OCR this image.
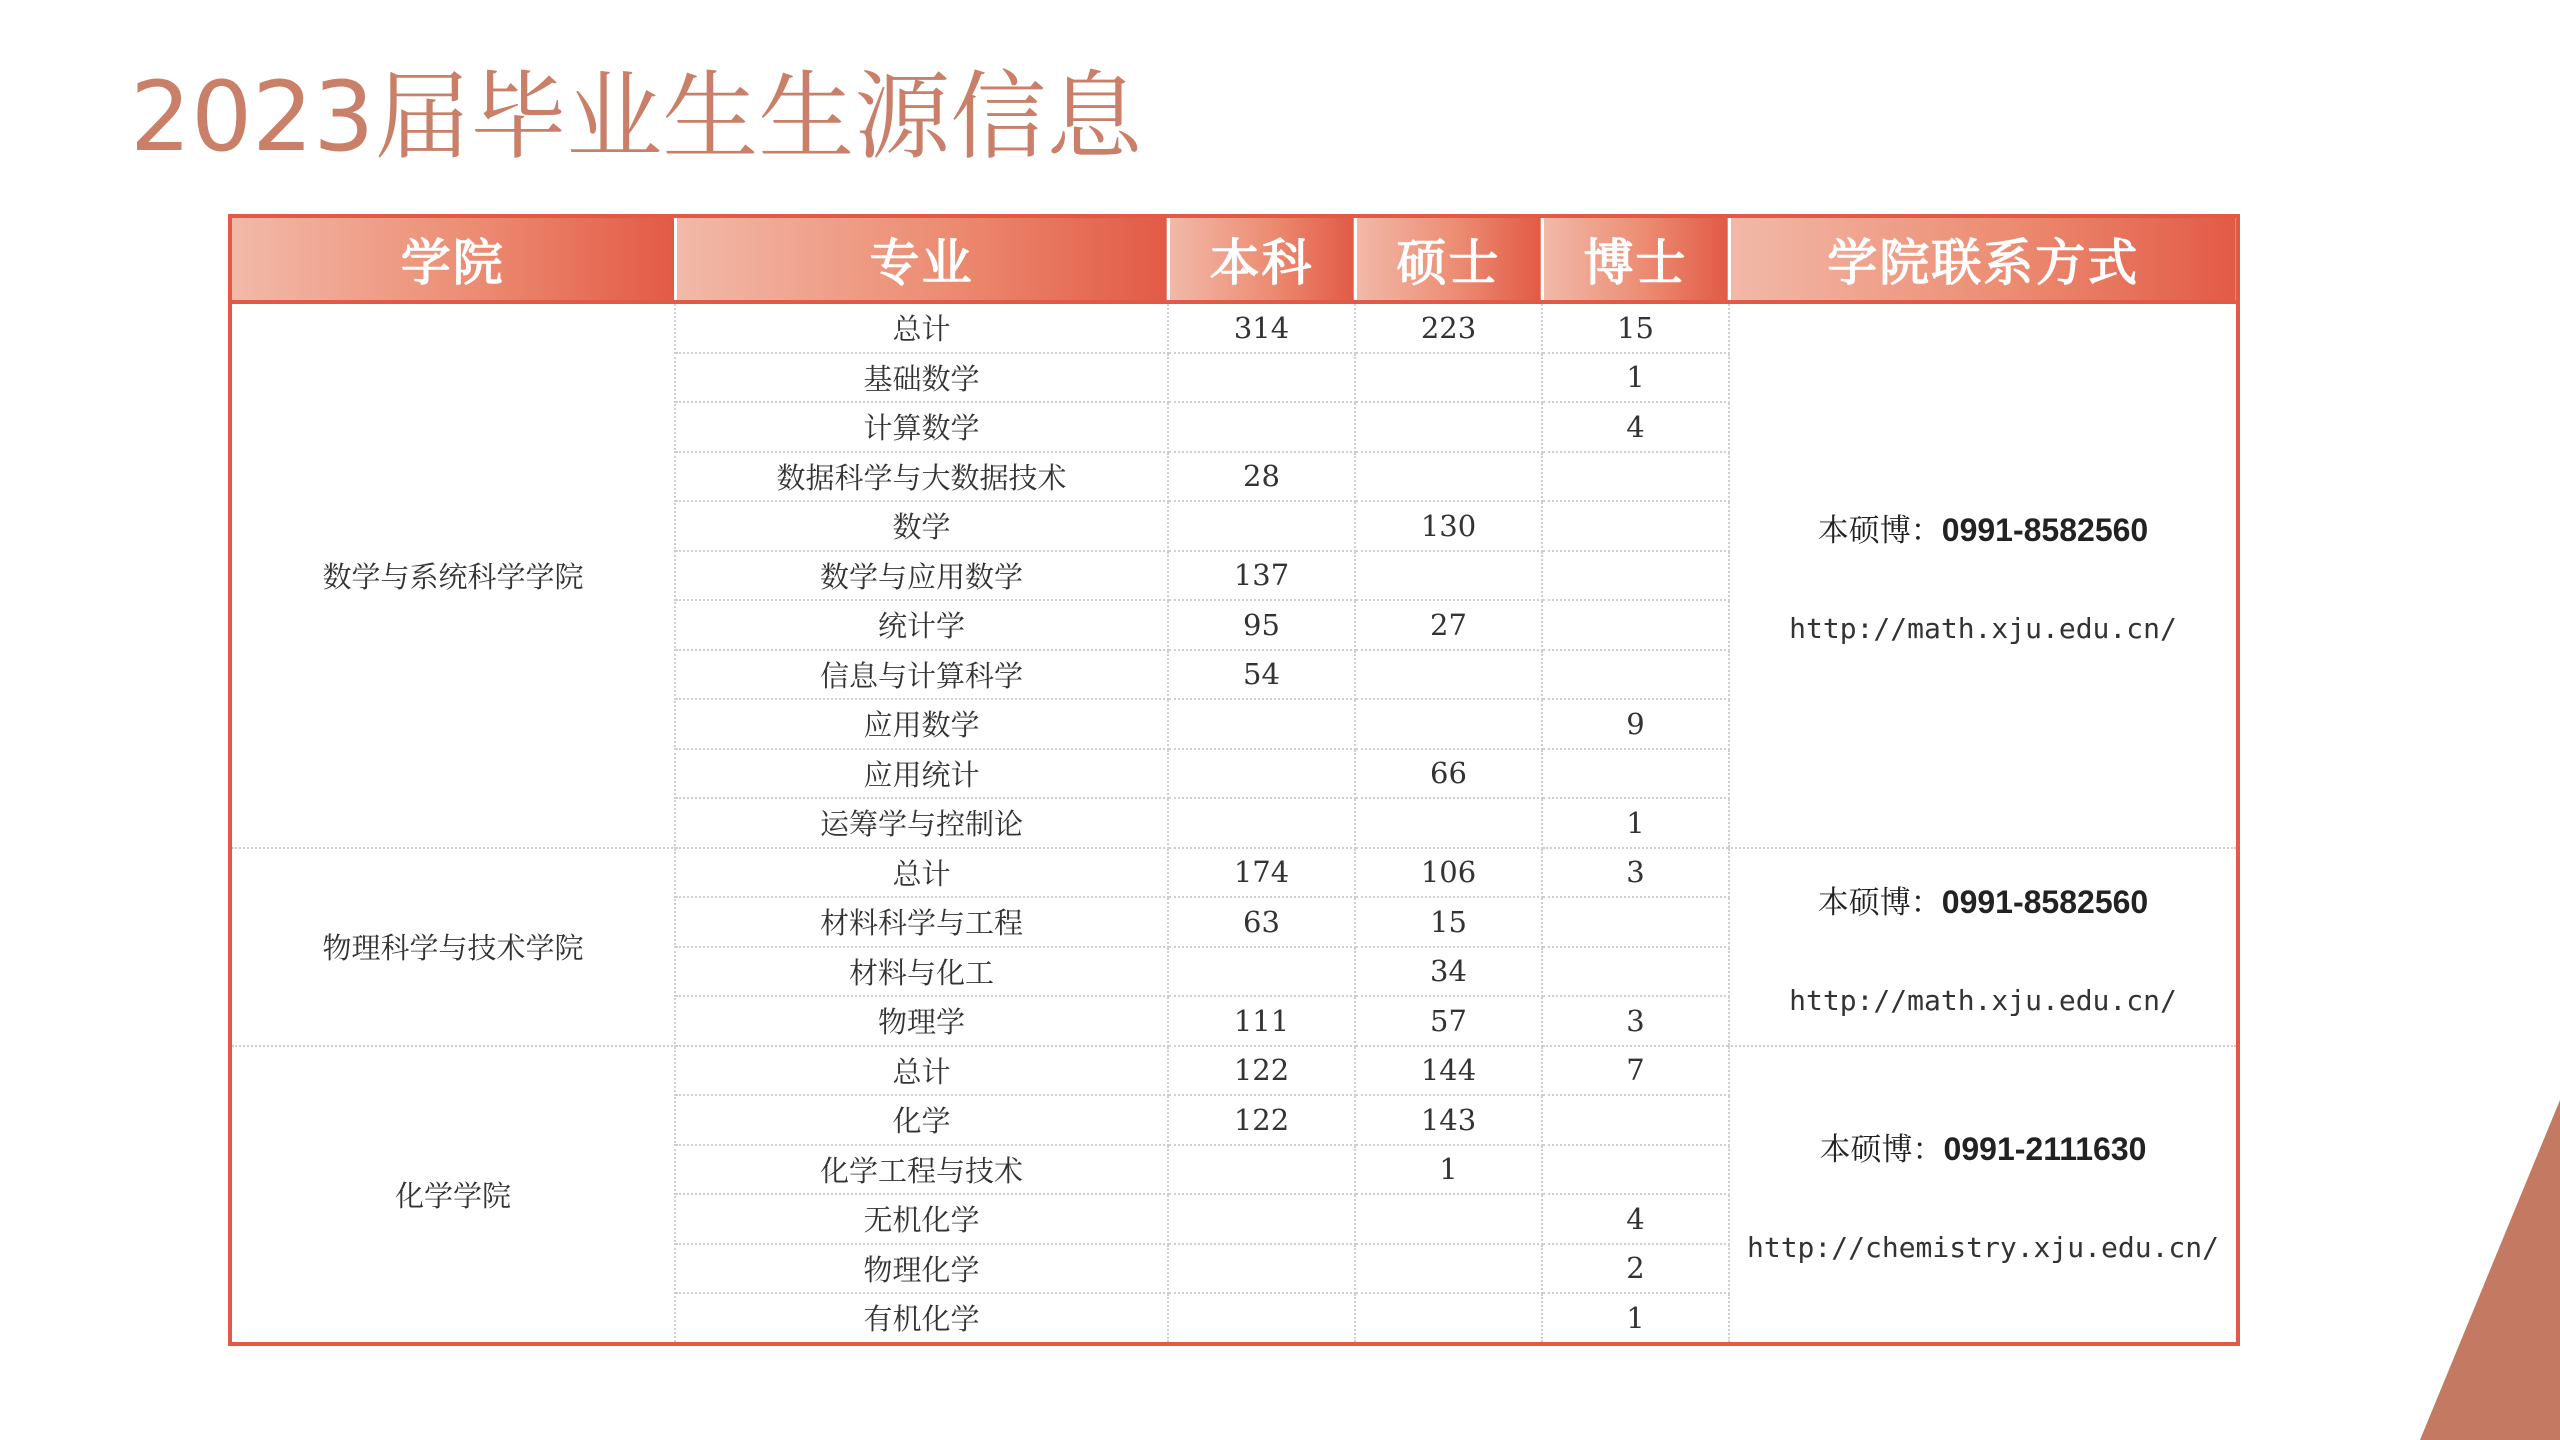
2023届毕业生生源信息
学院	专业	本科	硕士	博士	学院联系方式
数学与系统科学学院	总计	314	223	15	本硕博：0991-8582560
http://math.xju.edu.cn/

	基础数学			1	
	计算数学			4	
	数据科学与大数据技术	28			
	数学		130		
	数学与应用数学	137			
	统计学	95	27		
	信息与计算科学	54			
	应用数学			9	
	应用统计		66		
	运筹学与控制论			1	
物理科学与技术学院	总计	174	106	3	本硕博：0991-8582560
http://math.xju.edu.cn/

	材料科学与工程	63	15		
	材料与化工		34		
	物理学	111	57	3	
化学学院	总计	122	144	7	本硕博：0991-2111630
http://chemistry.xju.edu.cn/

	化学	122	143		
	化学工程与技术		1		
	无机化学			4	
	物理化学			2	
	有机化学			1	
